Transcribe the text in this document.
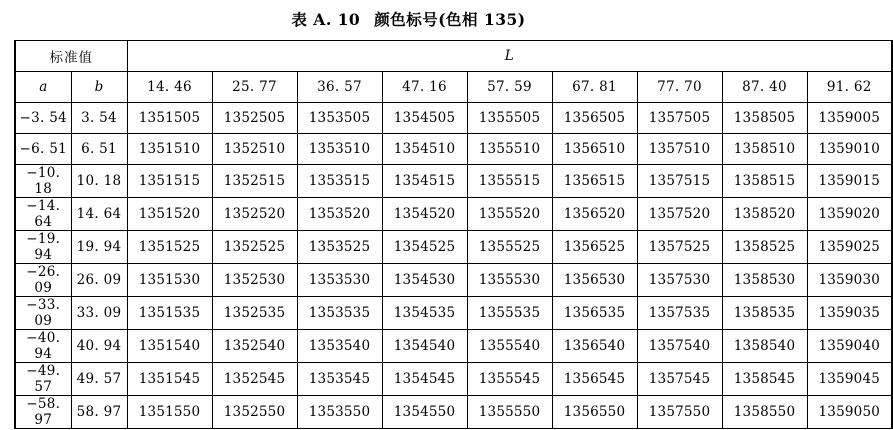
表 A. 10 颜色标号(色相 135)
标准值		L								
a	b	14. 46	25. 77	36. 57	47. 16	57. 59	67. 81	77. 70	87. 40	91. 62
−3. 54	3. 54	1351505	1352505	1353505	1354505	1355505	1356505	1357505	1358505	1359005
−6. 51	6. 51	1351510	1352510	1353510	1354510	1355510	1356510	1357510	1358510	1359010
−10. 18	10. 18	1351515	1352515	1353515	1354515	1355515	1356515	1357515	1358515	1359015
−14. 64	14. 64	1351520	1352520	1353520	1354520	1355520	1356520	1357520	1358520	1359020
−19. 94	19. 94	1351525	1352525	1353525	1354525	1355525	1356525	1357525	1358525	1359025
−26. 09	26. 09	1351530	1352530	1353530	1354530	1355530	1356530	1357530	1358530	1359030
−33. 09	33. 09	1351535	1352535	1353535	1354535	1355535	1356535	1357535	1358535	1359035
−40. 94	40. 94	1351540	1352540	1353540	1354540	1355540	1356540	1357540	1358540	1359040
−49. 57	49. 57	1351545	1352545	1353545	1354545	1355545	1356545	1357545	1358545	1359045
−58. 97	58. 97	1351550	1352550	1353550	1354550	1355550	1356550	1357550	1358550	1359050
